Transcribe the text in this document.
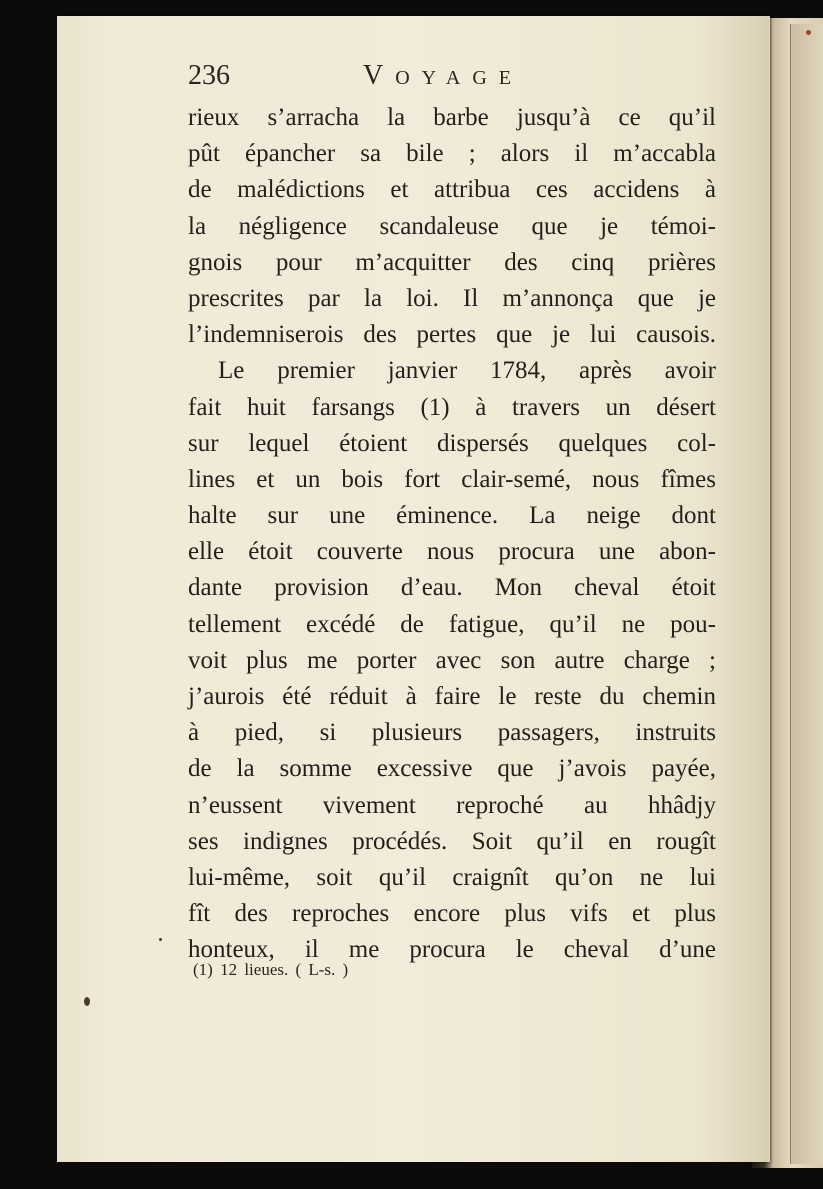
236	Voyage
rieux s’arracha la barbe jusqu’à ce qu’il
pût épancher sa bile ; alors il m’accabla
de malédictions et attribua ces accidens à
la négligence scandaleuse que je témoi-
gnois pour m’acquitter des cinq prières
prescrites par la loi. Il m’annonça que je
l’indemniserois des pertes que je lui causois.
Le premier janvier 1784, après avoir
fait huit farsangs (1) à travers un désert
sur lequel étoient dispersés quelques col-
lines et un bois fort clair-semé, nous fîmes
halte sur une éminence. La neige dont
elle étoit couverte nous procura une abon-
dante provision d’eau. Mon cheval étoit
tellement excédé de fatigue, qu’il ne pou-
voit plus me porter avec son autre charge ;
j’aurois été réduit à faire le reste du chemin
à pied, si plusieurs passagers, instruits
de la somme excessive que j’avois payée,
n’eussent vivement reproché au hhâdjy
ses indignes procédés. Soit qu’il en rougît
lui-même, soit qu’il craignît qu’on ne lui
fît des reproches encore plus vifs et plus
honteux, il me procura le cheval d’une
(1) 12 lieues. ( L-s. )
